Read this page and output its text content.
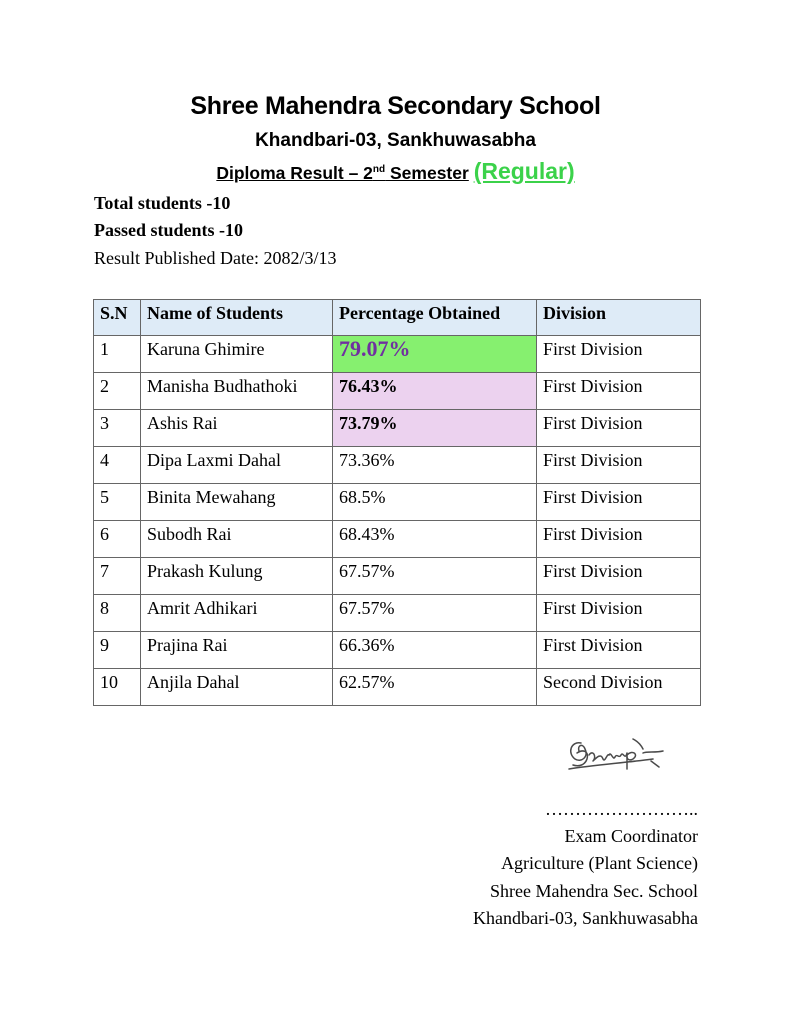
Shree Mahendra Secondary School
Khandbari-03, Sankhuwasabha
Diploma Result – 2nd Semester (Regular)
Total students -10
Passed students -10
Result Published Date: 2082/3/13
S.N	Name of Students	Percentage Obtained	Division
1	Karuna Ghimire	79.07%	First Division
2	Manisha Budhathoki	76.43%	First Division
3	Ashis Rai	73.79%	First Division
4	Dipa Laxmi Dahal	73.36%	First Division
5	Binita Mewahang	68.5%	First Division
6	Subodh Rai	68.43%	First Division
7	Prakash Kulung	67.57%	First Division
8	Amrit Adhikari	67.57%	First Division
9	Prajina Rai	66.36%	First Division
10	Anjila Dahal	62.57%	Second Division
……………………..
Exam Coordinator
Agriculture (Plant Science)
Shree Mahendra Sec. School
Khandbari-03, Sankhuwasabha
